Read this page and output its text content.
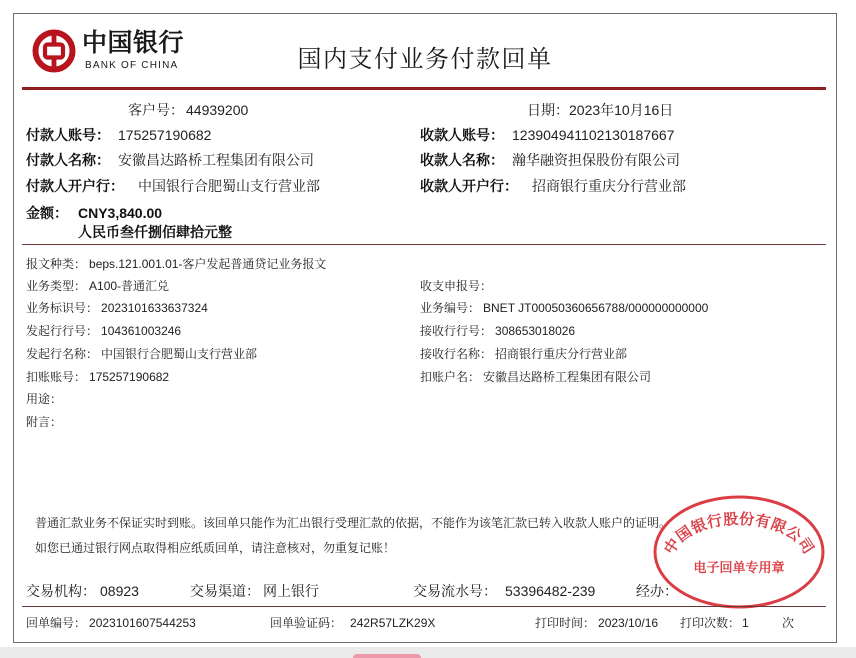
中国银行
BANK OF CHINA	国内支付业务付款回单
客户号： 44939200	日期：2023年10月16日
付款人账号： 175257190682
付款人名称： 安徽昌达路桥工程集团有限公司
付款人开户行： 中国银行合肥蜀山支行营业部
收款人账号： 123904941102130187667
收款人名称： 瀚华融资担保股份有限公司
收款人开户行： 招商银行重庆分行营业部
金额： CNY3,840.00
人民币叁仟捌佰肆拾元整
报文种类： beps.121.001.01-客户发起普通贷记业务报文
业务类型： A100-普通汇兑
业务标识号： 2023101633637324
发起行行号： 104361003246
发起行名称： 中国银行合肥蜀山支行营业部
扣账账号： 175257190682
用途：
附言：
收支申报号：
业务编号： BNET JT00050360656788/000000000000
接收行行号： 308653018026
接收行名称： 招商银行重庆分行营业部
扣账户名： 安徽昌达路桥工程集团有限公司
普通汇款业务不保证实时到账。该回单只能作为汇出银行受理汇款的依据，不能作为该笔汇款已转入收款人账户的证明。
如您已通过银行网点取得相应纸质回单，请注意核对，勿重复记账！	中国银行股份有限公司
电子回单专用章
交易机构： 08923	交易渠道： 网上银行	交易流水号： 53396482-239	经办：
回单编号： 2023101607544253	回单验证码： 242R57LZK29X	打印时间： 2023/10/16 打印次数： 1	次
